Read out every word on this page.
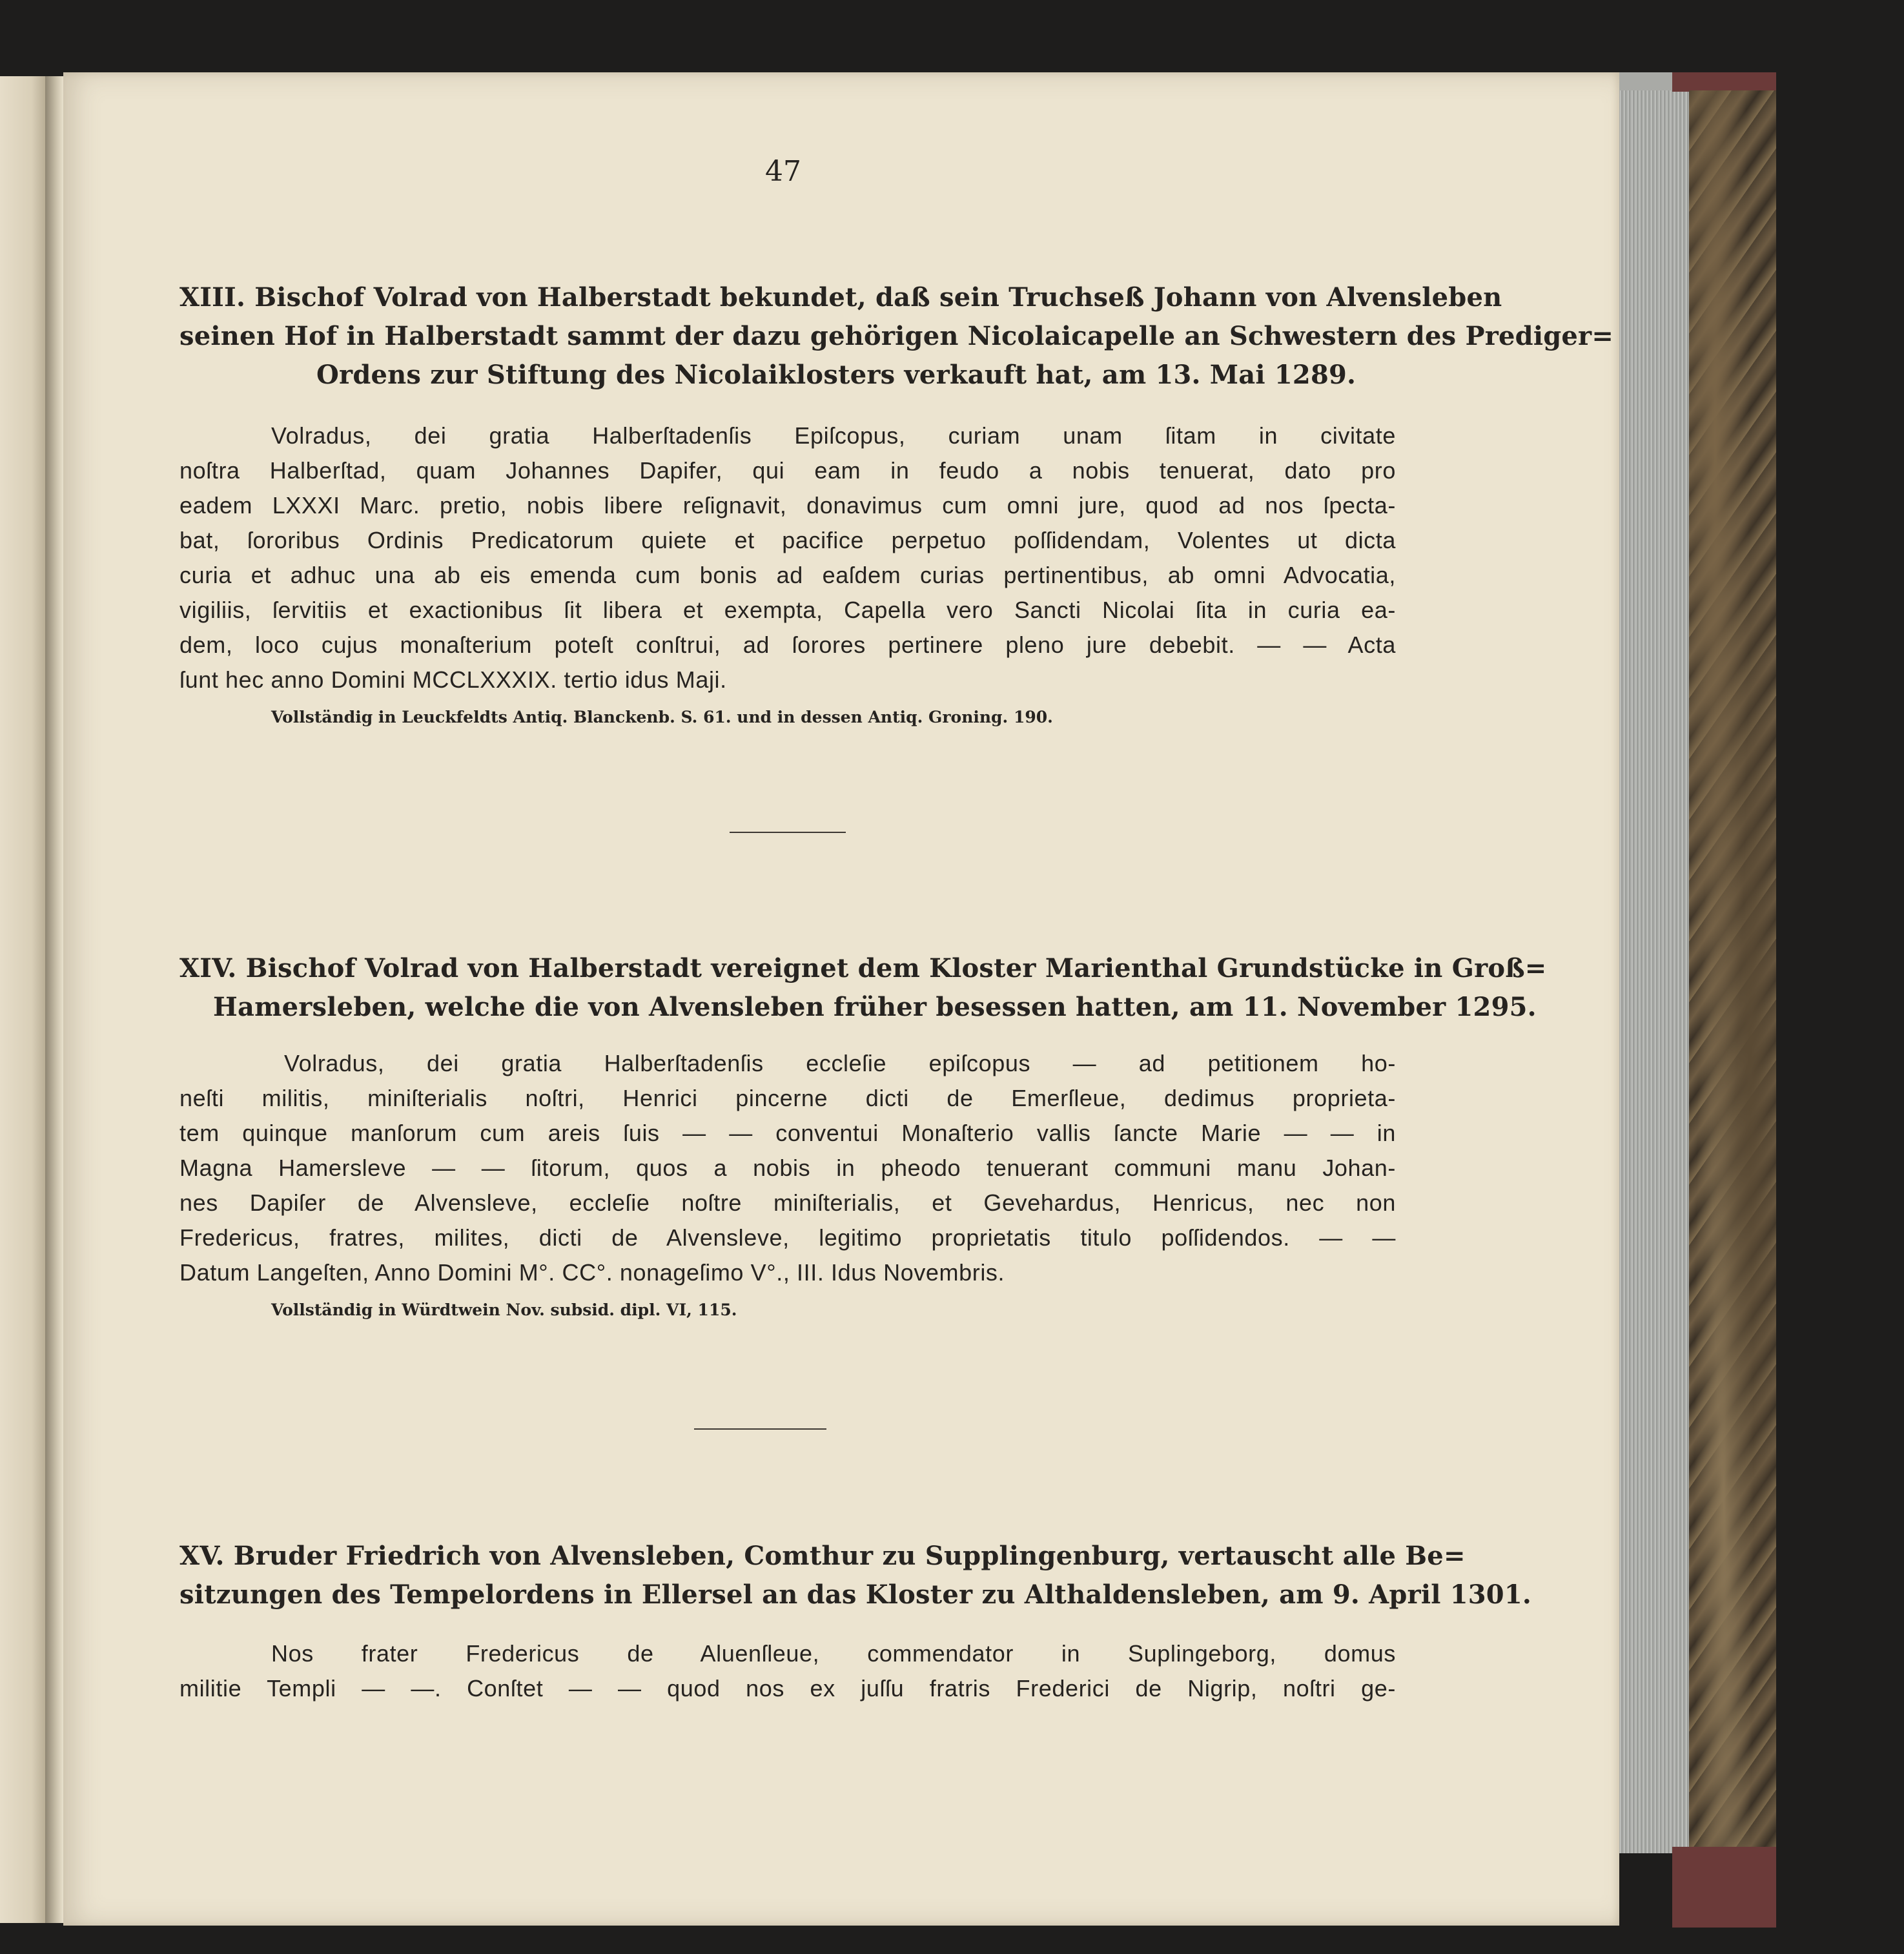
47
XIII. Bischof Volrad von Halberstadt bekundet, daß sein Truchseß Johann von Alvensleben
seinen Hof in Halberstadt sammt der dazu gehörigen Nicolaicapelle an Schwestern des Prediger=
Ordens zur Stiftung des Nicolaiklosters verkauft hat, am 13. Mai 1289.
Volradus, dei gratia Halberſtadenſis Epiſcopus, curiam unam ſitam in civitate
noſtra Halberſtad, quam Johannes Dapifer, qui eam in feudo a nobis tenuerat, dato pro
eadem LXXXI Marc. pretio, nobis libere reſignavit, donavimus cum omni jure, quod ad nos ſpecta-
bat, ſororibus Ordinis Predicatorum quiete et pacifice perpetuo poſſidendam, Volentes ut dicta
curia et adhuc una ab eis emenda cum bonis ad eaſdem curias pertinentibus, ab omni Advocatia,
vigiliis, ſervitiis et exactionibus ſit libera et exempta, Capella vero Sancti Nicolai ſita in curia ea-
dem, loco cujus monaſterium poteſt conſtrui, ad ſorores pertinere pleno jure debebit. — — Acta
ſunt hec anno Domini MCCLXXXIX. tertio idus Maji.
Vollständig in Leuckfeldts Antiq. Blanckenb. S. 61. und in dessen Antiq. Groning. 190.
XIV. Bischof Volrad von Halberstadt vereignet dem Kloster Marienthal Grundstücke in Groß=
Hamersleben, welche die von Alvensleben früher besessen hatten, am 11. November 1295.
Volradus, dei gratia Halberſtadenſis eccleſie epiſcopus — ad petitionem ho-
neſti militis, miniſterialis noſtri, Henrici pincerne dicti de Emerſleue, dedimus proprieta-
tem quinque manſorum cum areis ſuis — — conventui Monaſterio vallis ſancte Marie — — in
Magna Hamersleve — — ſitorum, quos a nobis in pheodo tenuerant communi manu Johan-
nes Dapiſer de Alvensleve, eccleſie noſtre miniſterialis, et Gevehardus, Henricus, nec non
Fredericus, fratres, milites, dicti de Alvensleve, legitimo proprietatis titulo poſſidendos. — —
Datum Langeſten, Anno Domini M°. CC°. nonageſimo V°., III. Idus Novembris.
Vollständig in Würdtwein Nov. subsid. dipl. VI, 115.
XV. Bruder Friedrich von Alvensleben, Comthur zu Supplingenburg, vertauscht alle Be=
sitzungen des Tempelordens in Ellersel an das Kloster zu Althaldensleben, am 9. April 1301.
Nos frater Fredericus de Aluenſleue, commendator in Suplingeborg, domus
militie Templi — —. Conſtet — — quod nos ex juſſu fratris Frederici de Nigrip, noſtri ge-
